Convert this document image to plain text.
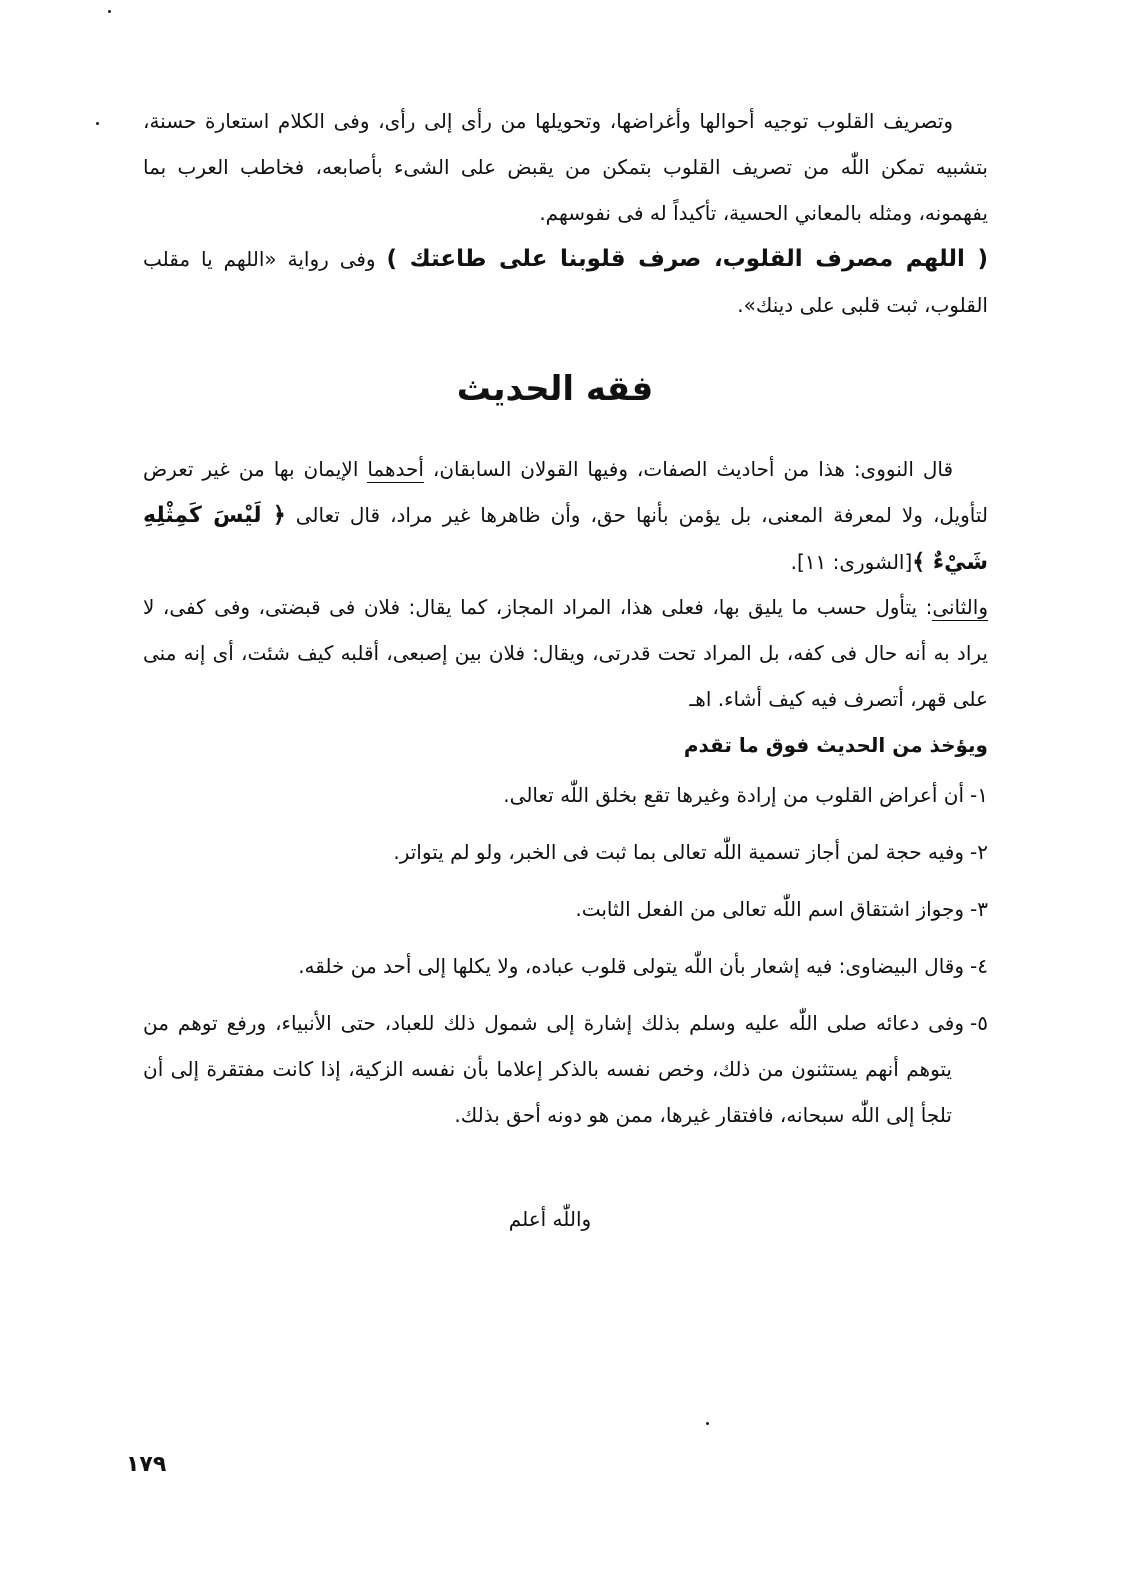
وتصريف القلوب توجيه أحوالها وأغراضها، وتحويلها من رأى إلى رأى، وفى الكلام استعارة حسنة، بتشبيه تمكن اللّٰه من تصريف القلوب بتمكن من يقبض على الشىء بأصابعه، فخاطب العرب بما يفهمونه، ومثله بالمعاني الحسية، تأكيداً له فى نفوسهم.

( اللهم مصرف القلوب، صرف قلوبنا على طاعتك ) وفى رواية «اللهم يا مقلب القلوب، ثبت قلبى على دينك».

فقه الحديث

قال النووى: هذا من أحاديث الصفات، وفيها القولان السابقان، أحدهما الإيمان بها من غير تعرض لتأويل، ولا لمعرفة المعنى، بل يؤمن بأنها حق، وأن ظاهرها غير مراد، قال تعالى ﴿ لَيْسَ كَمِثْلِهِ شَيْءٌ ﴾[الشورى: ١١].

والثانى: يتأول حسب ما يليق بها، فعلى هذا، المراد المجاز، كما يقال: فلان فى قبضتى، وفى كفى، لا يراد به أنه حال فى كفه، بل المراد تحت قدرتى، ويقال: فلان بين إصبعى، أقلبه كيف شئت، أى إنه منى على قهر، أتصرف فيه كيف أشاء. اهـ

ويؤخذ من الحديث فوق ما تقدم
١-أن أعراض القلوب من إرادة وغيرها تقع بخلق اللّٰه تعالى.
٢-وفيه حجة لمن أجاز تسمية اللّٰه تعالى بما ثبت فى الخبر، ولو لم يتواتر.
٣-وجواز اشتقاق اسم اللّٰه تعالى من الفعل الثابت.
٤-وقال البيضاوى: فيه إشعار بأن اللّٰه يتولى قلوب عباده، ولا يكلها إلى أحد من خلقه.
٥-وفى دعائه صلى اللّٰه عليه وسلم بذلك إشارة إلى شمول ذلك للعباد، حتى الأنبياء، ورفع توهم من يتوهم أنهم يستثنون من ذلك، وخص نفسه بالذكر إعلاما بأن نفسه الزكية، إذا كانت مفتقرة إلى أن تلجأ إلى اللّٰه سبحانه، فافتقار غيرها، ممن هو دونه أحق بذلك.
واللّٰه أعلم
١٧٩
